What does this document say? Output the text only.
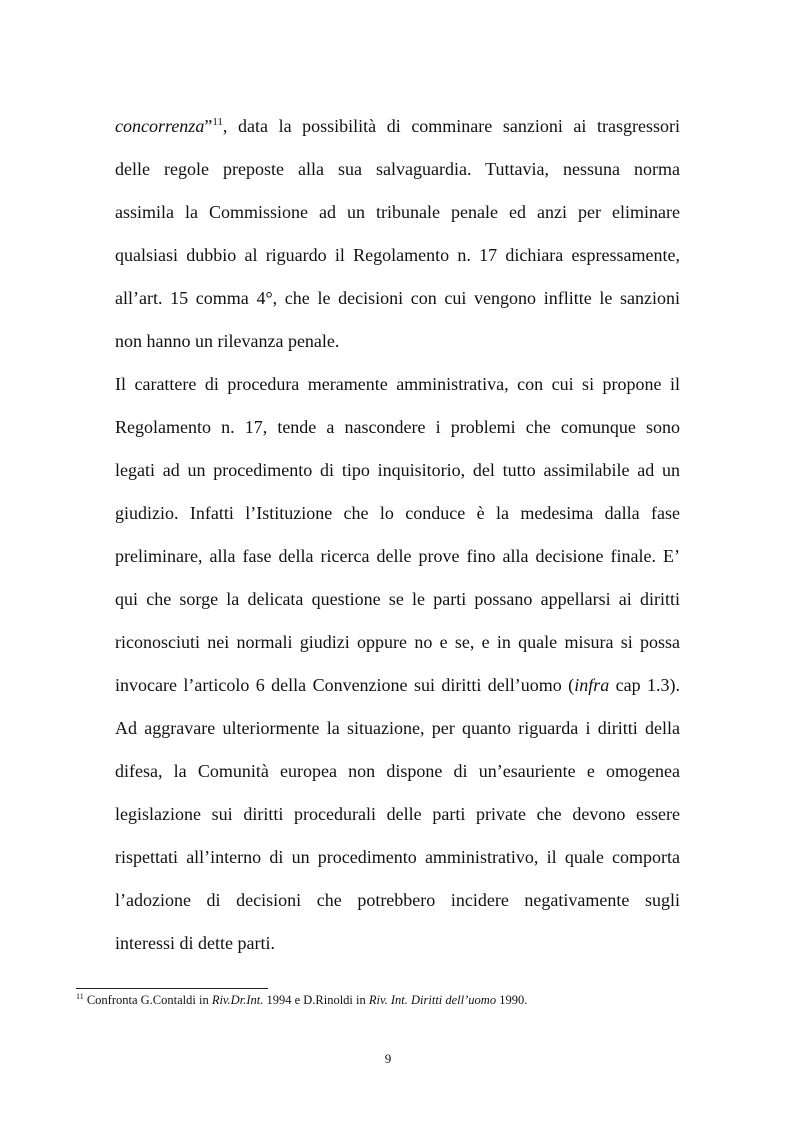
concorrenza”$^{11}$, data la possibilità di comminare sanzioni ai trasgressori
delle regole preposte alla sua salvaguardia. Tuttavia, nessuna norma
assimila la Commissione ad un tribunale penale ed anzi per eliminare
qualsiasi dubbio al riguardo il Regolamento n. 17 dichiara espressamente,
all’art. 15 comma 4°, che le decisioni con cui vengono inflitte le sanzioni
non hanno un rilevanza penale.
Il carattere di procedura meramente amministrativa, con cui si propone il
Regolamento n. 17, tende a nascondere i problemi che comunque sono
legati ad un procedimento di tipo inquisitorio, del tutto assimilabile ad un
giudizio. Infatti l’Istituzione che lo conduce è la medesima dalla fase
preliminare, alla fase della ricerca delle prove fino alla decisione finale. E’
qui che sorge la delicata questione se le parti possano appellarsi ai diritti
riconosciuti nei normali giudizi oppure no e se, e in quale misura si possa
invocare l’articolo 6 della Convenzione sui diritti dell’uomo (infra cap 1.3).
Ad aggravare ulteriormente la situazione, per quanto riguarda i diritti della
difesa, la Comunità europea non dispone di un’esauriente e omogenea
legislazione sui diritti procedurali delle parti private che devono essere
rispettati all’interno di un procedimento amministrativo, il quale comporta
l’adozione di decisioni che potrebbero incidere negativamente sugli
interessi di dette parti.
$^{11}$ Confronta G.Contaldi in Riv.Dr.Int. 1994 e D.Rinoldi in Riv. Int. Diritti dell’uomo 1990.
9
